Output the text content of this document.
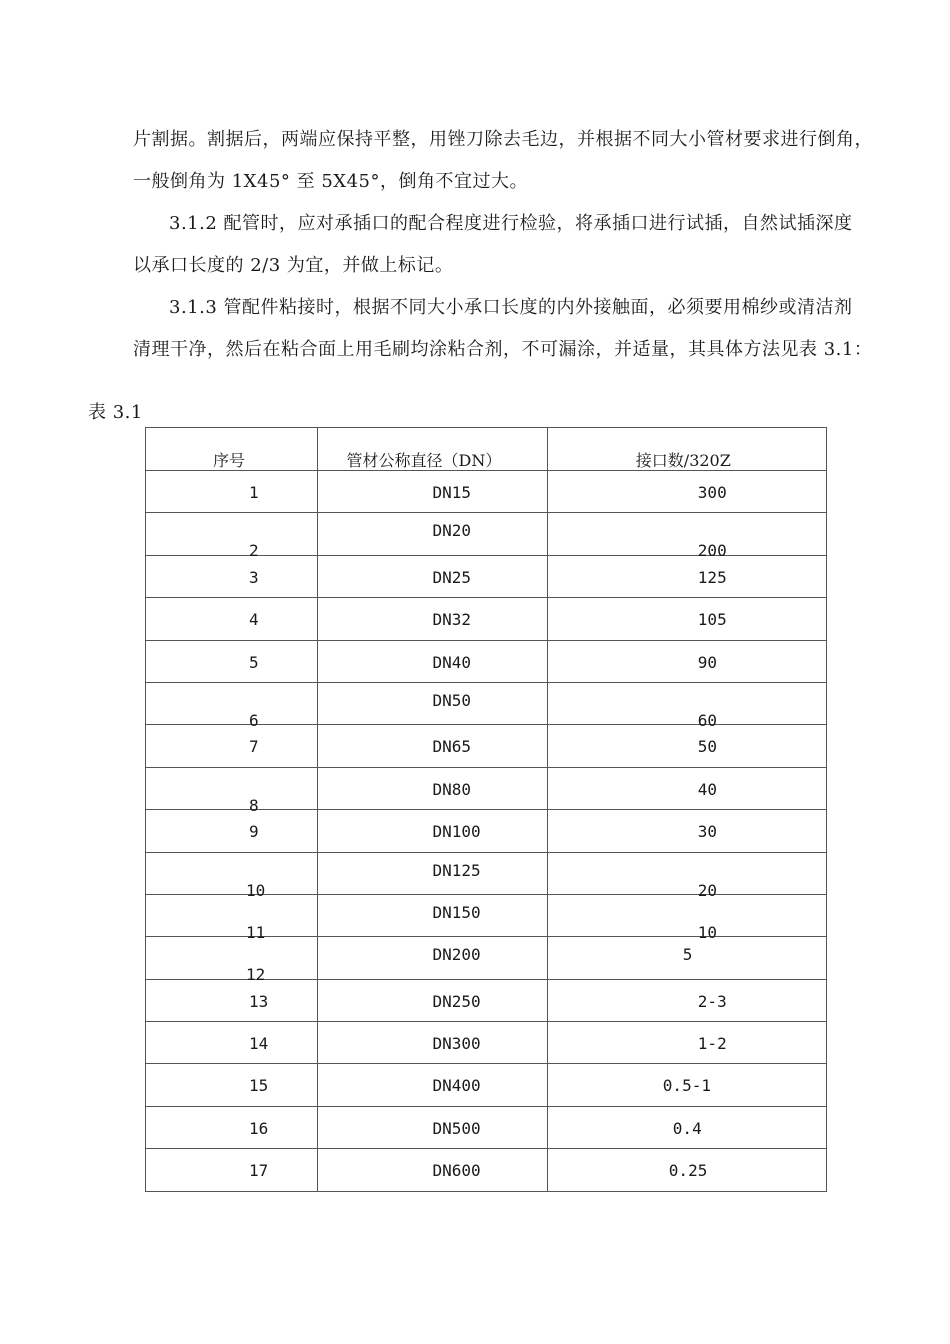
片割据。割据后，两端应保持平整，用锉刀除去毛边，并根据不同大小管材要求进行倒角，
一般倒角为 1X45° 至 5X45°，倒角不宜过大。

3.1.2 配管时，应对承插口的配合程度进行检验，将承插口进行试插，自然试插深度
以承口长度的 2/3 为宜，并做上标记。

3.1.3 管配件粘接时，根据不同大小承口长度的内外接触面，必须要用棉纱或清洁剂
清理干净，然后在粘合面上用毛刷均涂粘合剂，不可漏涂，并适量，其具体方法见表 3.1：

表 3.1
序号	管材公称直径（DN）	接口数/320Z

1	DN15	300

2	DN20	200

3	DN25	125

4	DN32	105

5	DN40	90

6	DN50	60

7	DN65	50

8	DN80	40

9	DN100	30

10	DN125	20

11	DN150	10

12	DN200	5

13	DN250	2-3

14	DN300	1-2

15	DN400	0.5-1

16	DN500	0.4

17	DN600	0.25
